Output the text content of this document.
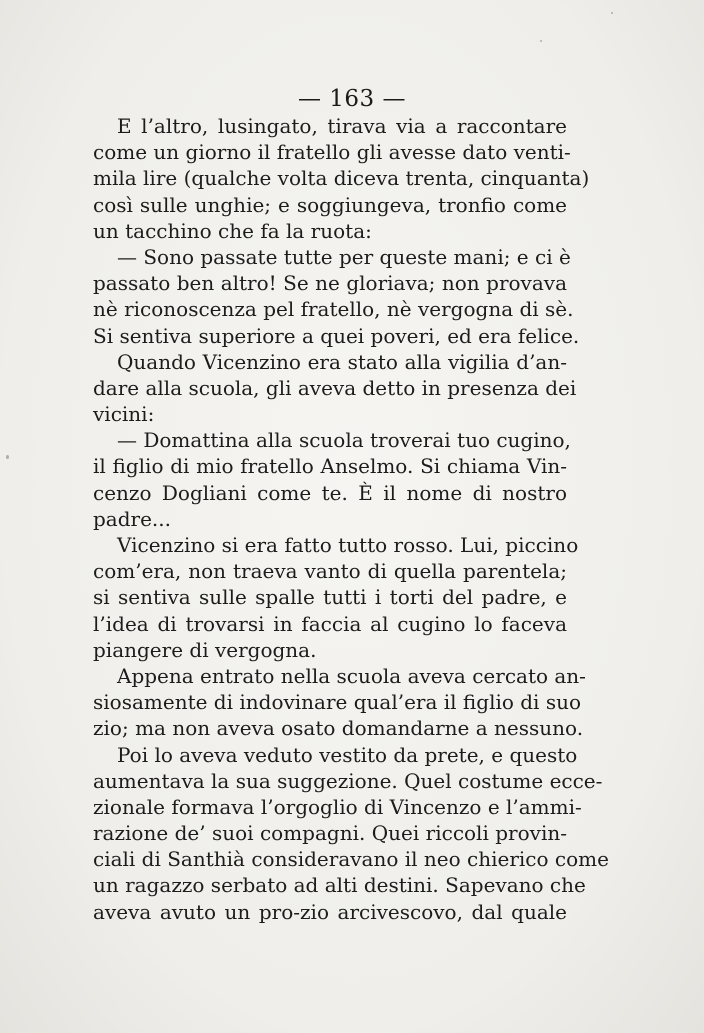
— 163 —
E l’altro, lusingato, tirava via a raccontare
come un giorno il fratello gli avesse dato venti-
mila lire (qualche volta diceva trenta, cinquanta)
così sulle unghie; e soggiungeva, tronfio come
un tacchino che fa la ruota:
— Sono passate tutte per queste mani; e ci è
passato ben altro! Se ne gloriava; non provava
nè riconoscenza pel fratello, nè vergogna di sè.
Si sentiva superiore a quei poveri, ed era felice.
Quando Vicenzino era stato alla vigilia d’an-
dare alla scuola, gli aveva detto in presenza dei
vicini:
— Domattina alla scuola troverai tuo cugino,
il figlio di mio fratello Anselmo. Si chiama Vin-
cenzo Dogliani come te. È il nome di nostro
padre...
Vicenzino si era fatto tutto rosso. Lui, piccino
com’era, non traeva vanto di quella parentela;
si sentiva sulle spalle tutti i torti del padre, e
l’idea di trovarsi in faccia al cugino lo faceva
piangere di vergogna.
Appena entrato nella scuola aveva cercato an-
siosamente di indovinare qual’era il figlio di suo
zio; ma non aveva osato domandarne a nessuno.
Poi lo aveva veduto vestito da prete, e questo
aumentava la sua suggezione. Quel costume ecce-
zionale formava l’orgoglio di Vincenzo e l’ammi-
razione de’ suoi compagni. Quei riccoli provin-
ciali di Santhià consideravano il neo chierico come
un ragazzo serbato ad alti destini. Sapevano che
aveva avuto un pro-zio arcivescovo, dal quale
